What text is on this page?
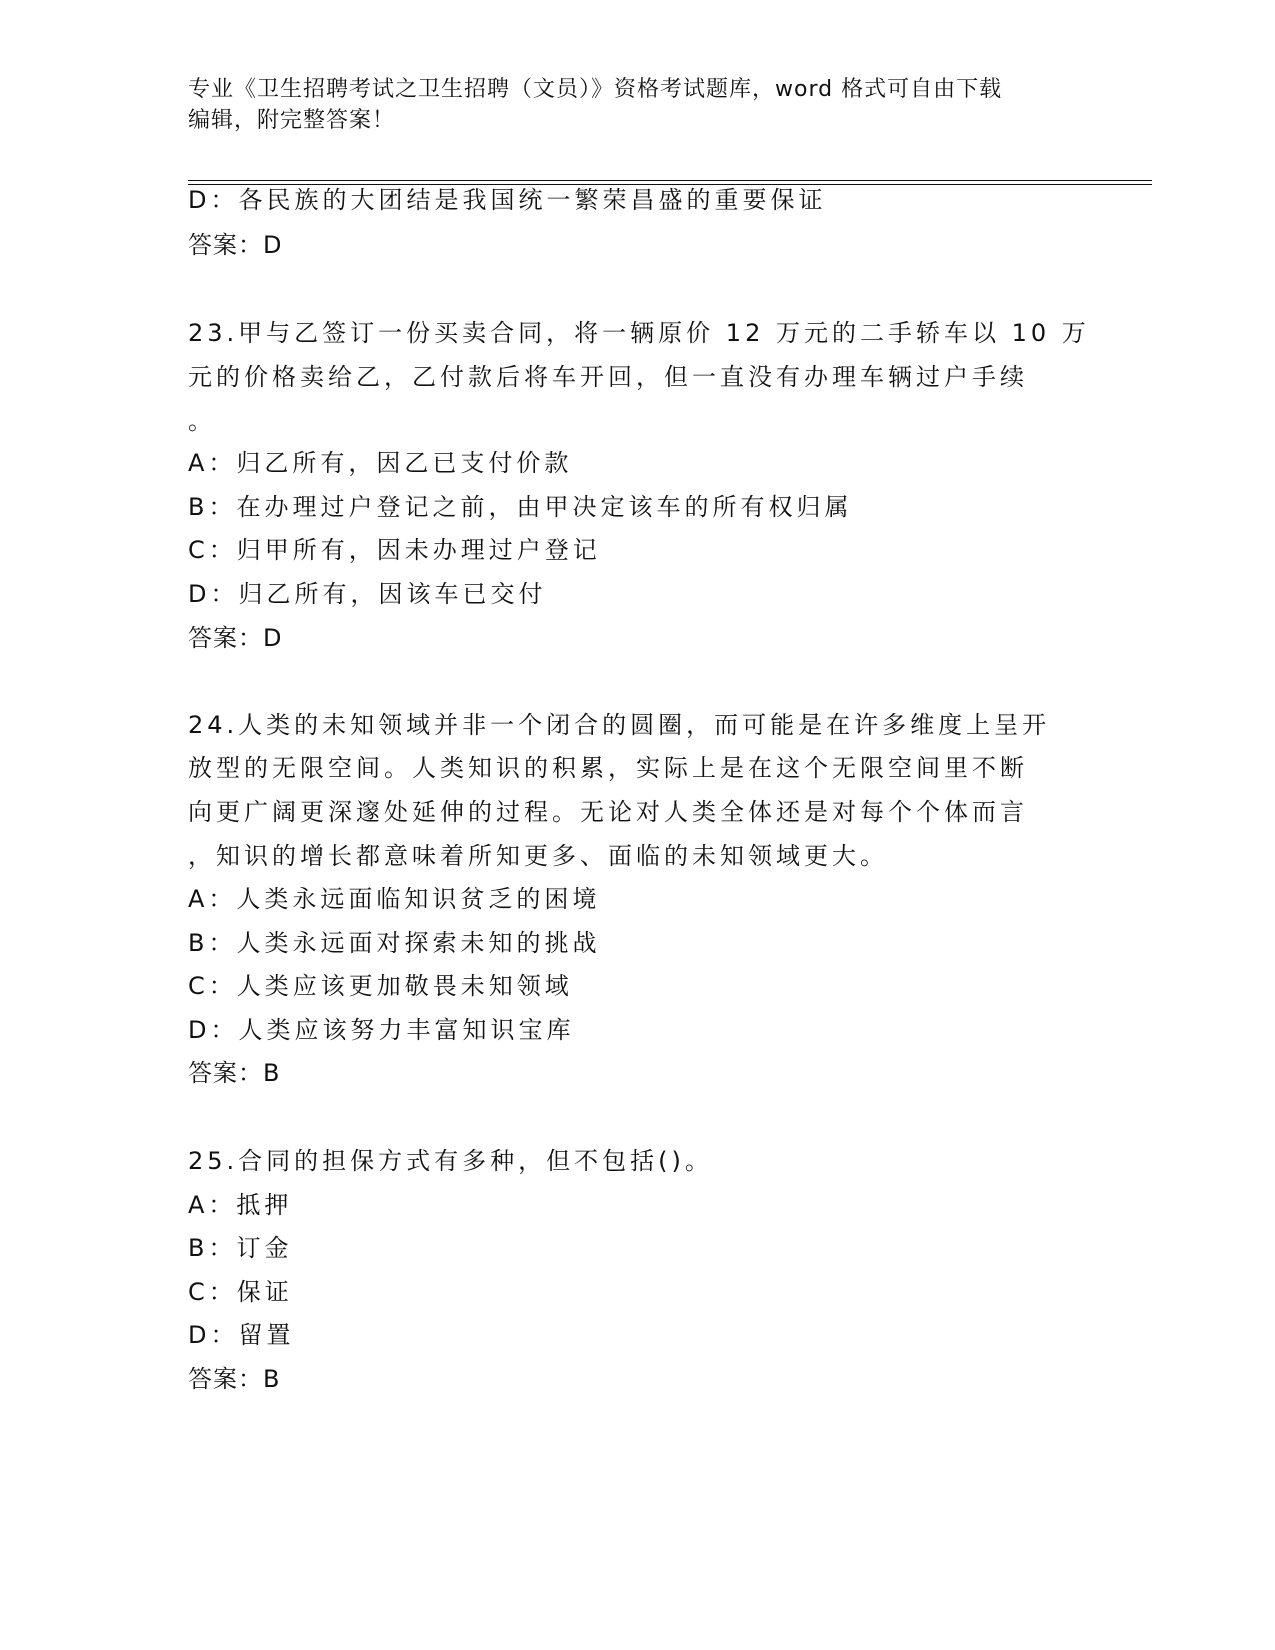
专业《卫生招聘考试之卫生招聘（文员）》资格考试题库，word 格式可自由下载
编辑，附完整答案！
D：各民族的大团结是我国统一繁荣昌盛的重要保证
答案：D
23.甲与乙签订一份买卖合同，将一辆原价 12 万元的二手轿车以 10 万
元的价格卖给乙，乙付款后将车开回，但一直没有办理车辆过户手续
。
A：归乙所有，因乙已支付价款
B：在办理过户登记之前，由甲决定该车的所有权归属
C：归甲所有，因未办理过户登记
D：归乙所有，因该车已交付
答案：D
24.人类的未知领域并非一个闭合的圆圈，而可能是在许多维度上呈开
放型的无限空间。人类知识的积累，实际上是在这个无限空间里不断
向更广阔更深邃处延伸的过程。无论对人类全体还是对每个个体而言
，知识的增长都意味着所知更多、面临的未知领域更大。
A：人类永远面临知识贫乏的困境
B：人类永远面对探索未知的挑战
C：人类应该更加敬畏未知领域
D：人类应该努力丰富知识宝库
答案：B
25.合同的担保方式有多种，但不包括()。
A：抵押
B：订金
C：保证
D：留置
答案：B
